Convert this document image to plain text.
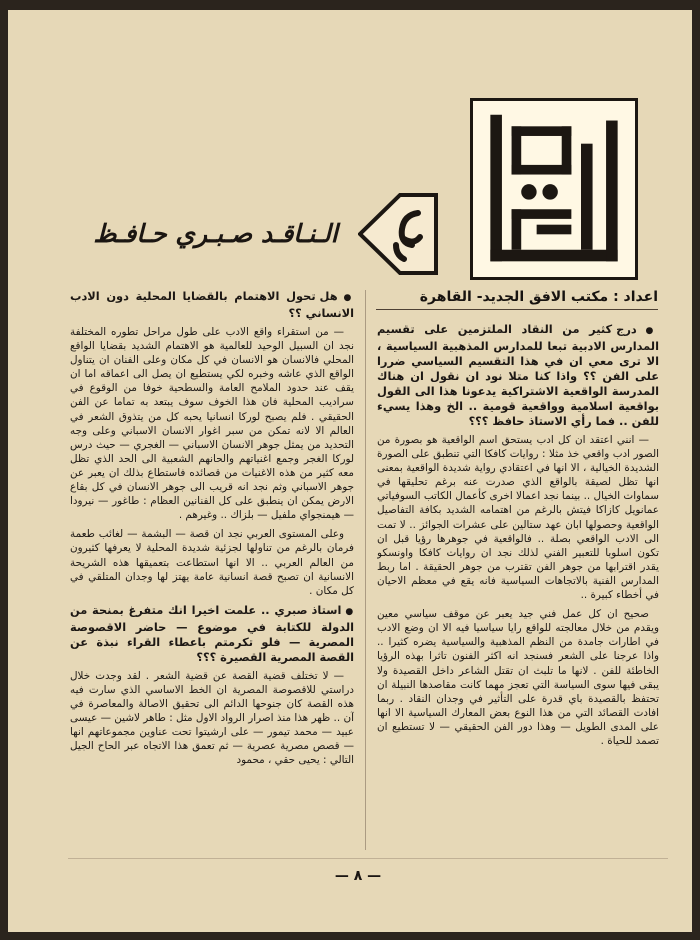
الـنـاقـد صـبـري حـافـظ
اعداد : مكتب الافق الجديد- القاهرة

● درج كثير من النقاد الملتزمين على تقسيم المدارس الادبية تبعا للمدارس المذهبية السياسية ، الا ترى معي ان في هذا التقسيم السياسي ضررا على الفن ؟؟ واذا كنا متلا نود ان نقول ان هناك المدرسة الواقعية الاشتراكية يدعونا هذا الى القول بواقعية اسلامية وواقعية قومية .. الخ وهذا يسيء للفن .. فما رأي الاستاذ حافظ ؟؟؟

— انني اعتقد ان كل ادب يستحق اسم الواقعية هو بصورة من الصور ادب واقعي خذ مثلا : روايات كافكا التي تنطبق على الصورة الشديدة الخيالية ، الا انها في اعتقادي رواية شديدة الواقعية بمعنى انها تظل لصيقة بالواقع الذي صدرت عنه برغم تحليقها في سماوات الخيال .. بينما نجد اعمالا اخرى كأعمال الكاتب السوفياتي عمانويل كازاكا فيتش بالرغم من اهتمامه الشديد بكافة التفاصيل الواقعية وحصولها ابان عهد ستالين على عشرات الجوائز .. لا تمت الى الادب الواقعي بصلة .. فالواقعية في جوهرها رؤيا قبل ان تكون اسلوبا للتعبير الفني لذلك نجد ان روايات كافكا واونسكو يقدر اقترابها من جوهر الفن تقترب من جوهر الحقيقة . اما ربط المدارس الفنية بالاتجاهات السياسية فانه يقع في معظم الاحيان في أخطاء كبيرة ..

صحيح ان كل عمل فني جيد يعبر عن موقف سياسي معين ويقدم من خلال معالجته للواقع رايا سياسيا فيه الا ان وضع الادب في اطارات جامدة من النظم المذهبية والسياسية يضره كثيرا .. واذا عرجنا على الشعر فسنجد انه اكثر الفنون تاثرا بهذه الرؤيا الخاطئة للفن . لانها ما تلبث ان تقتل الشاعر داخل القصيدة ولا يبقى فيها سوى السياسة التي تعجز مهما كانت مقاصدها النبيلة ان تحتفظ بالقصيدة باي قدرة على التأثير في وجدان النقاد . ربما افادت القصائد التي من هذا النوع بعض المعارك السياسية الا انها على المدى الطويل — وهذا دور الفن الحقيقي — لا تستطيع ان تصمد للحياة .

● هل تحول الاهتمام بالقضايا المحلية دون الادب الانساني ؟؟

— من استقراء واقع الادب على طول مراحل تطوره المختلفة نجد ان السبيل الوحيد للعالمية هو الاهتمام الشديد بقضايا الواقع المحلي فالانسان هو الانسان في كل مكان وعلى الفنان ان يتناول الواقع الذي عاشه وخبره لكي يستطيع ان يصل الى اعماقه اما ان يقف عند حدود الملامح العامة والسطحية خوفا من الوقوع في سراديب المحلية فان هذا الخوف سوف يبتعد به تماما عن الفن الحقيقي . فلم يصبح لوركا انسانيا يحبه كل من يتذوق الشعر في العالم الا لانه تمكن من سبر اغوار الانسان الاسباني وعلى وجه التحديد من يمثل جوهر الانسان الاسباني — الغجري — حيث درس لوركا الغجر وجمع اغنياتهم والحانهم الشعبية الى الحد الذي تظل معه كثير من هذه الاغنيات من قصائده فاستطاع بذلك ان يعبر عن جوهر الاسباني وثم نجد انه قريب الى جوهر الانسان في كل بقاع الارض يمكن ان ينطبق على كل الفنانين العظام : طاغور — نيرودا — هيمنجواي ملفيل — بلزاك .. وغيرهم .

وعلى المستوى العربي نجد ان قصة — البشمة — لغائب طعمة فرمان بالرغم من تناولها لجزئية شديدة المحلية لا يعرفها كثيرون من العالم العربي .. الا انها استطاعت بتعميقها هذه الشريحة الانسانية ان تصبح قصة انسانية عامة يهتز لها وجدان المتلقي في كل مكان .

● استاذ صبري .. علمت اخيرا انك متفرغ بمنحة من الدولة للكتابة في موضوع — حاضر الاقصوصة المصرية — فلو تكرمتم باعطاء القراء نبذة عن القصة المصرية القصيرة ؟؟؟

— لا تختلف قضية القصة عن قضية الشعر . لقد وجدت خلال دراستي للاقصوصة المصرية ان الخط الاساسي الذي سارت فيه هذه القصة كان جنوحها الدائم الى تحقيق الاصالة والمعاصرة في آن .. ظهر هذا منذ اصرار الرواد الاول مثل : طاهر لاشين — عيسى عبيد — محمد تيمور — على ارشيتوا تحت عناوين مجموعاتهم انها — قصص مصرية عصرية — ثم تعمق هذا الاتجاه عبر الحاح الجيل التالي : يحيى حقي ، محمود

— ٨ —
